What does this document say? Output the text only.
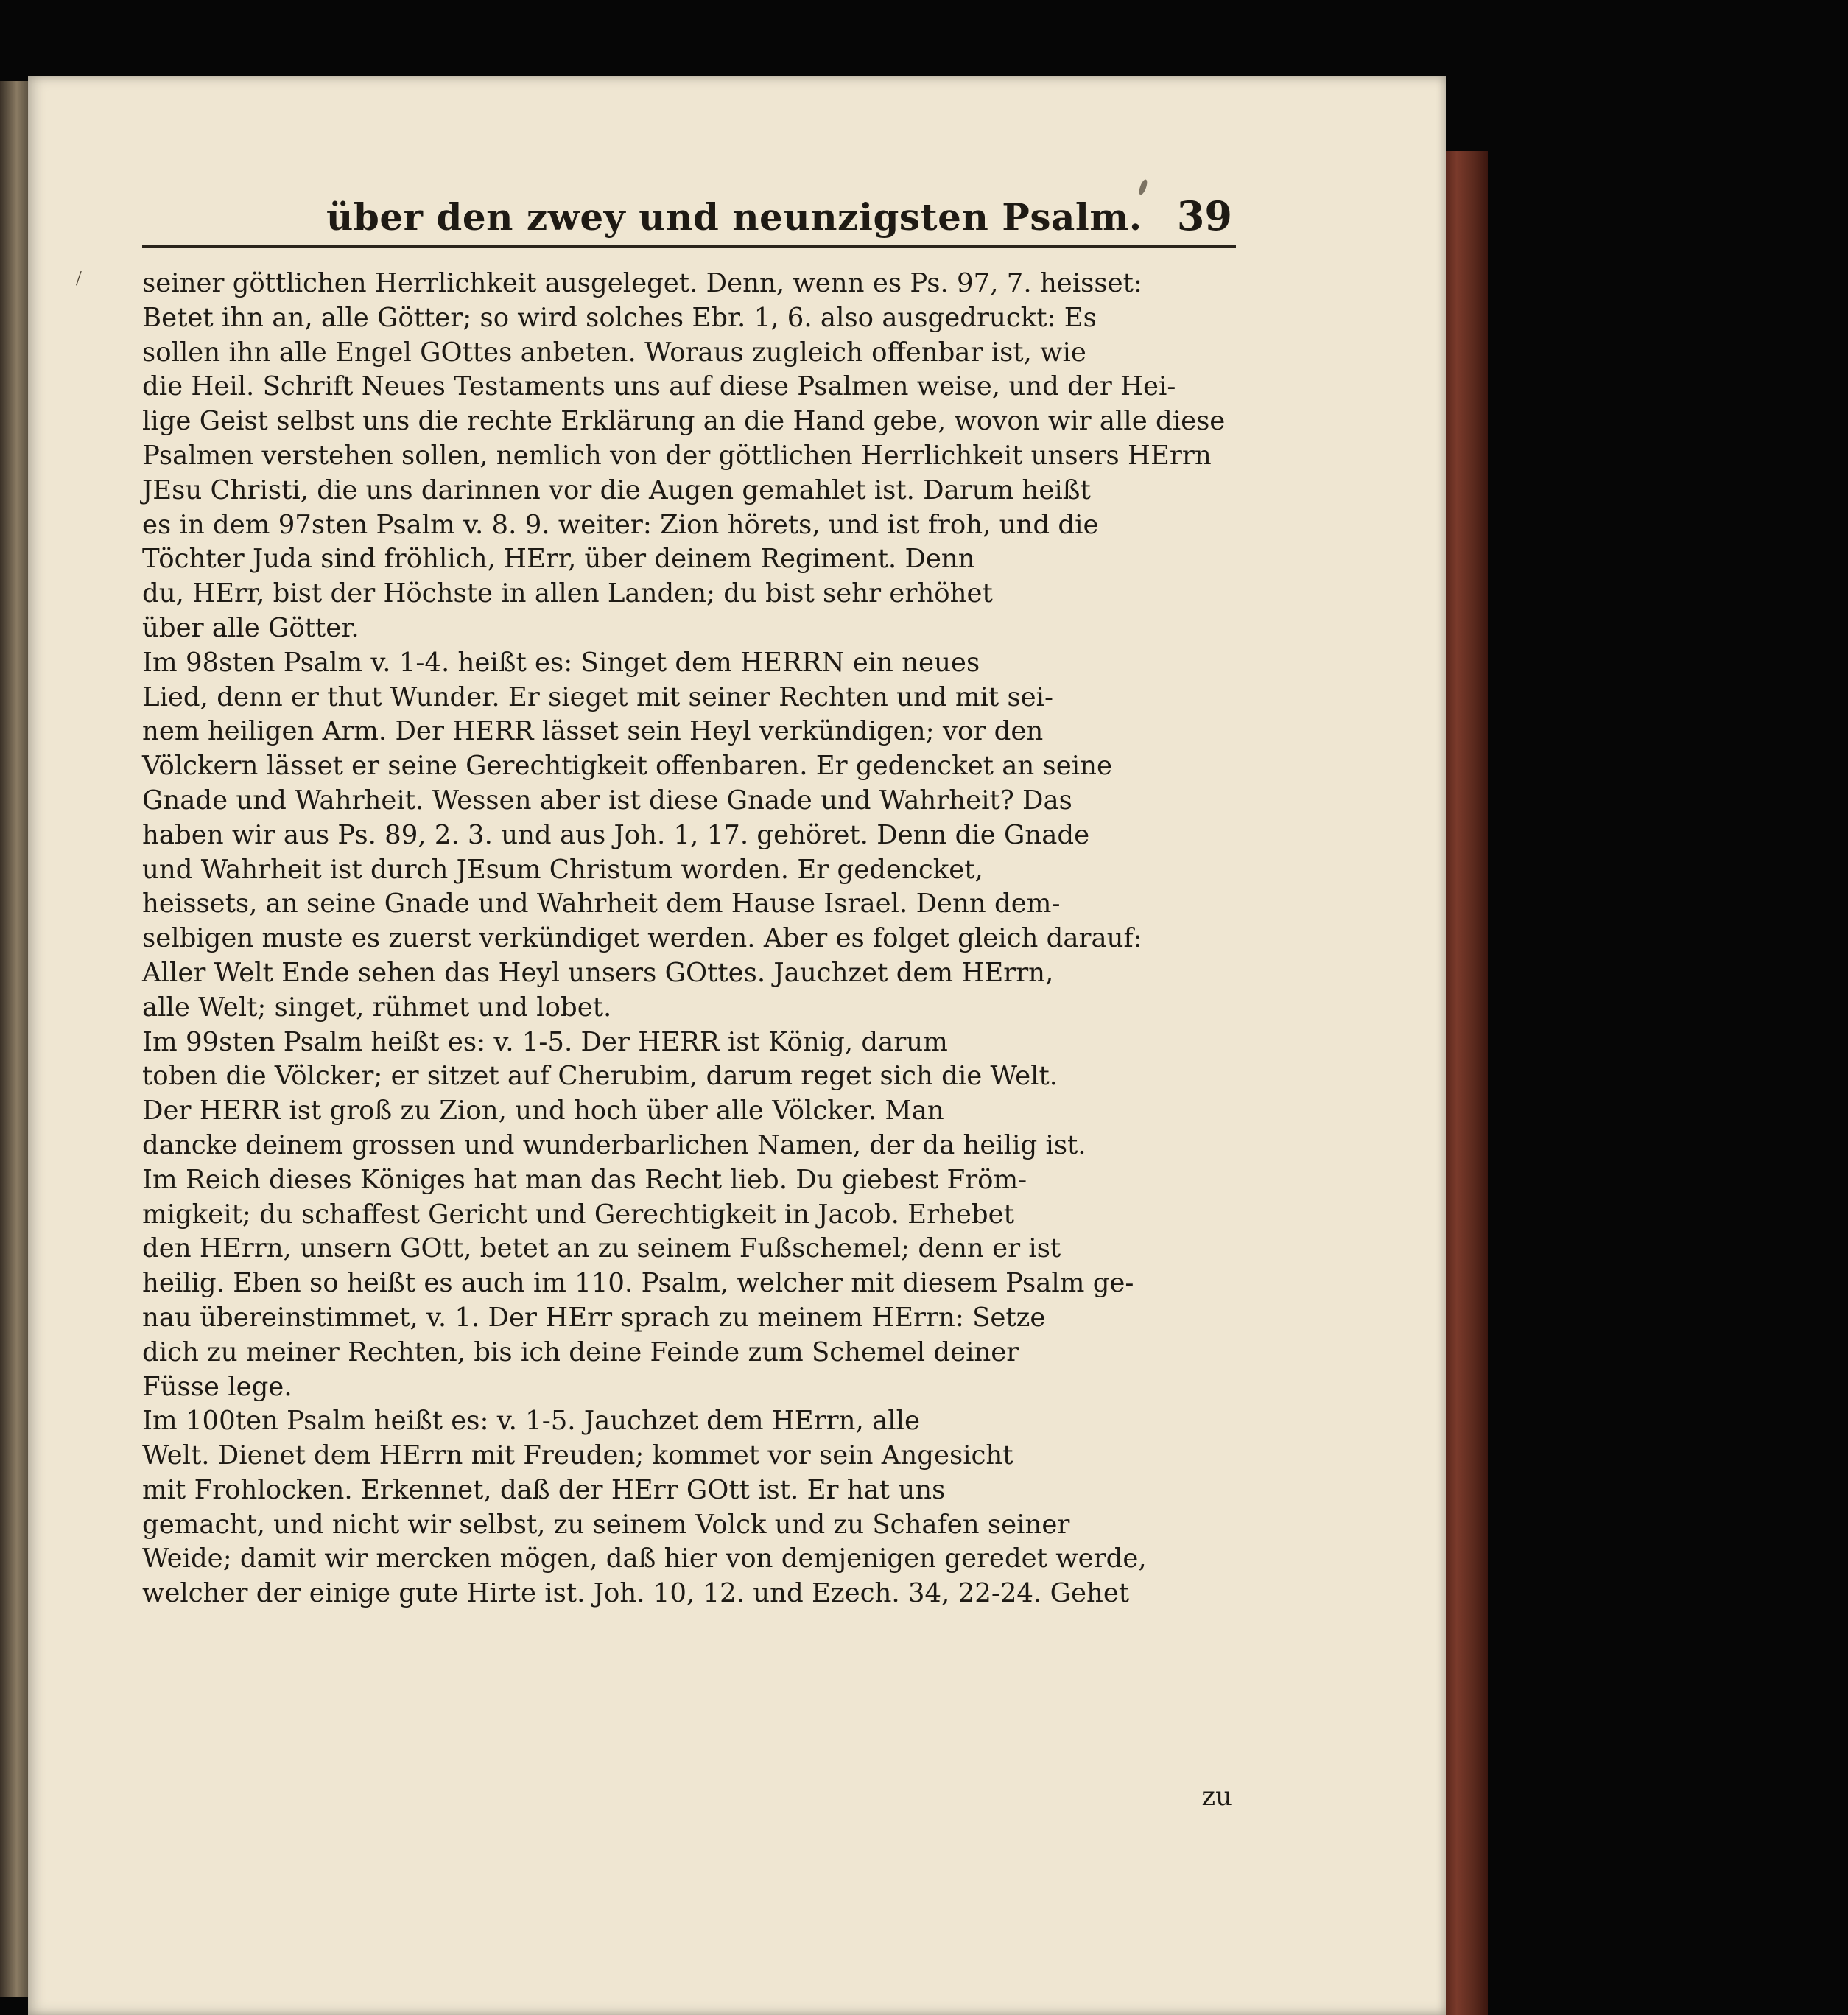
/
über den zwey und neunzigsten Psalm. 39
seiner göttlichen Herrlichkeit ausgeleget. Denn, wenn es Ps. 97, 7. heisset:
Betet ihn an, alle Götter; so wird solches Ebr. 1, 6. also ausgedruckt: Es
sollen ihn alle Engel GOttes anbeten. Woraus zugleich offenbar ist, wie
die Heil. Schrift Neues Testaments uns auf diese Psalmen weise, und der Hei-
lige Geist selbst uns die rechte Erklärung an die Hand gebe, wovon wir alle diese
Psalmen verstehen sollen, nemlich von der göttlichen Herrlichkeit unsers HErrn
JEsu Christi, die uns darinnen vor die Augen gemahlet ist. Darum heißt
es in dem 97sten Psalm v. 8. 9. weiter: Zion hörets, und ist froh, und die
Töchter Juda sind fröhlich, HErr, über deinem Regiment. Denn
du, HErr, bist der Höchste in allen Landen; du bist sehr erhöhet
über alle Götter.
Im 98sten Psalm v. 1-4. heißt es: Singet dem HERRN ein neues
Lied, denn er thut Wunder. Er sieget mit seiner Rechten und mit sei-
nem heiligen Arm. Der HERR lässet sein Heyl verkündigen; vor den
Völckern lässet er seine Gerechtigkeit offenbaren. Er gedencket an seine
Gnade und Wahrheit. Wessen aber ist diese Gnade und Wahrheit? Das
haben wir aus Ps. 89, 2. 3. und aus Joh. 1, 17. gehöret. Denn die Gnade
und Wahrheit ist durch JEsum Christum worden. Er gedencket,
heissets, an seine Gnade und Wahrheit dem Hause Israel. Denn dem-
selbigen muste es zuerst verkündiget werden. Aber es folget gleich darauf:
Aller Welt Ende sehen das Heyl unsers GOttes. Jauchzet dem HErrn,
alle Welt; singet, rühmet und lobet.
Im 99sten Psalm heißt es: v. 1-5. Der HERR ist König, darum
toben die Völcker; er sitzet auf Cherubim, darum reget sich die Welt.
Der HERR ist groß zu Zion, und hoch über alle Völcker. Man
dancke deinem grossen und wunderbarlichen Namen, der da heilig ist.
Im Reich dieses Königes hat man das Recht lieb. Du giebest Fröm-
migkeit; du schaffest Gericht und Gerechtigkeit in Jacob. Erhebet
den HErrn, unsern GOtt, betet an zu seinem Fußschemel; denn er ist
heilig. Eben so heißt es auch im 110. Psalm, welcher mit diesem Psalm ge-
nau übereinstimmet, v. 1. Der HErr sprach zu meinem HErrn: Setze
dich zu meiner Rechten, bis ich deine Feinde zum Schemel deiner
Füsse lege.
Im 100ten Psalm heißt es: v. 1-5. Jauchzet dem HErrn, alle
Welt. Dienet dem HErrn mit Freuden; kommet vor sein Angesicht
mit Frohlocken. Erkennet, daß der HErr GOtt ist. Er hat uns
gemacht, und nicht wir selbst, zu seinem Volck und zu Schafen seiner
Weide; damit wir mercken mögen, daß hier von demjenigen geredet werde,
welcher der einige gute Hirte ist. Joh. 10, 12. und Ezech. 34, 22-24. Gehet
zu
